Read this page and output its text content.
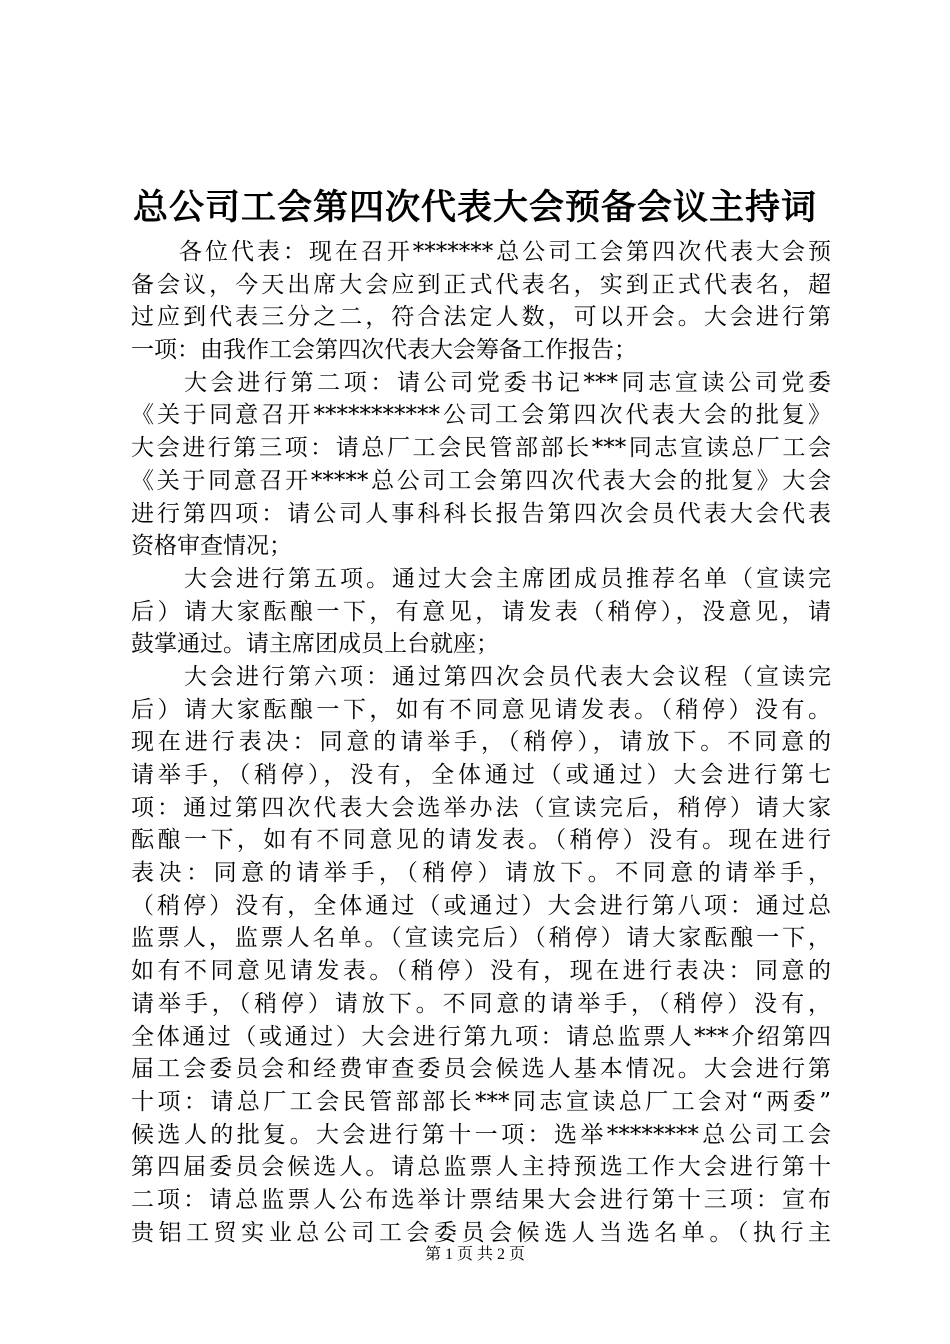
总公司工会第四次代表大会预备会议主持词
各位代表：现在召开*******总公司工会第四次代表大会预
备会议，今天出席大会应到正式代表名，实到正式代表名，超
过应到代表三分之二，符合法定人数，可以开会。大会进行第
一项：由我作工会第四次代表大会筹备工作报告；
大会进行第二项：请公司党委书记***同志宣读公司党委
《关于同意召开***********公司工会第四次代表大会的批复》
大会进行第三项：请总厂工会民管部部长***同志宣读总厂工会
《关于同意召开*****总公司工会第四次代表大会的批复》大会
进行第四项：请公司人事科科长报告第四次会员代表大会代表
资格审查情况；
大会进行第五项。通过大会主席团成员推荐名单（宣读完
后）请大家酝酿一下，有意见，请发表（稍停），没意见，请
鼓掌通过。请主席团成员上台就座；
大会进行第六项：通过第四次会员代表大会议程（宣读完
后）请大家酝酿一下，如有不同意见请发表。（稍停）没有。
现在进行表决：同意的请举手，（稍停），请放下。不同意的
请举手，（稍停），没有，全体通过（或通过）大会进行第七
项：通过第四次代表大会选举办法（宣读完后，稍停）请大家
酝酿一下，如有不同意见的请发表。（稍停）没有。现在进行
表决：同意的请举手，（稍停）请放下。不同意的请举手，
（稍停）没有，全体通过（或通过）大会进行第八项：通过总
监票人，监票人名单。（宣读完后）（稍停）请大家酝酿一下，
如有不同意见请发表。（稍停）没有，现在进行表决：同意的
请举手，（稍停）请放下。不同意的请举手，（稍停）没有，
全体通过（或通过）大会进行第九项：请总监票人***介绍第四
届工会委员会和经费审查委员会候选人基本情况。大会进行第
十项：请总厂工会民管部部长***同志宣读总厂工会对“两委”
候选人的批复。大会进行第十一项：选举********总公司工会
第四届委员会候选人。请总监票人主持预选工作大会进行第十
二项：请总监票人公布选举计票结果大会进行第十三项：宣布
贵铝工贸实业总公司工会委员会候选人当选名单。（执行主
第 1 页 共 2 页
